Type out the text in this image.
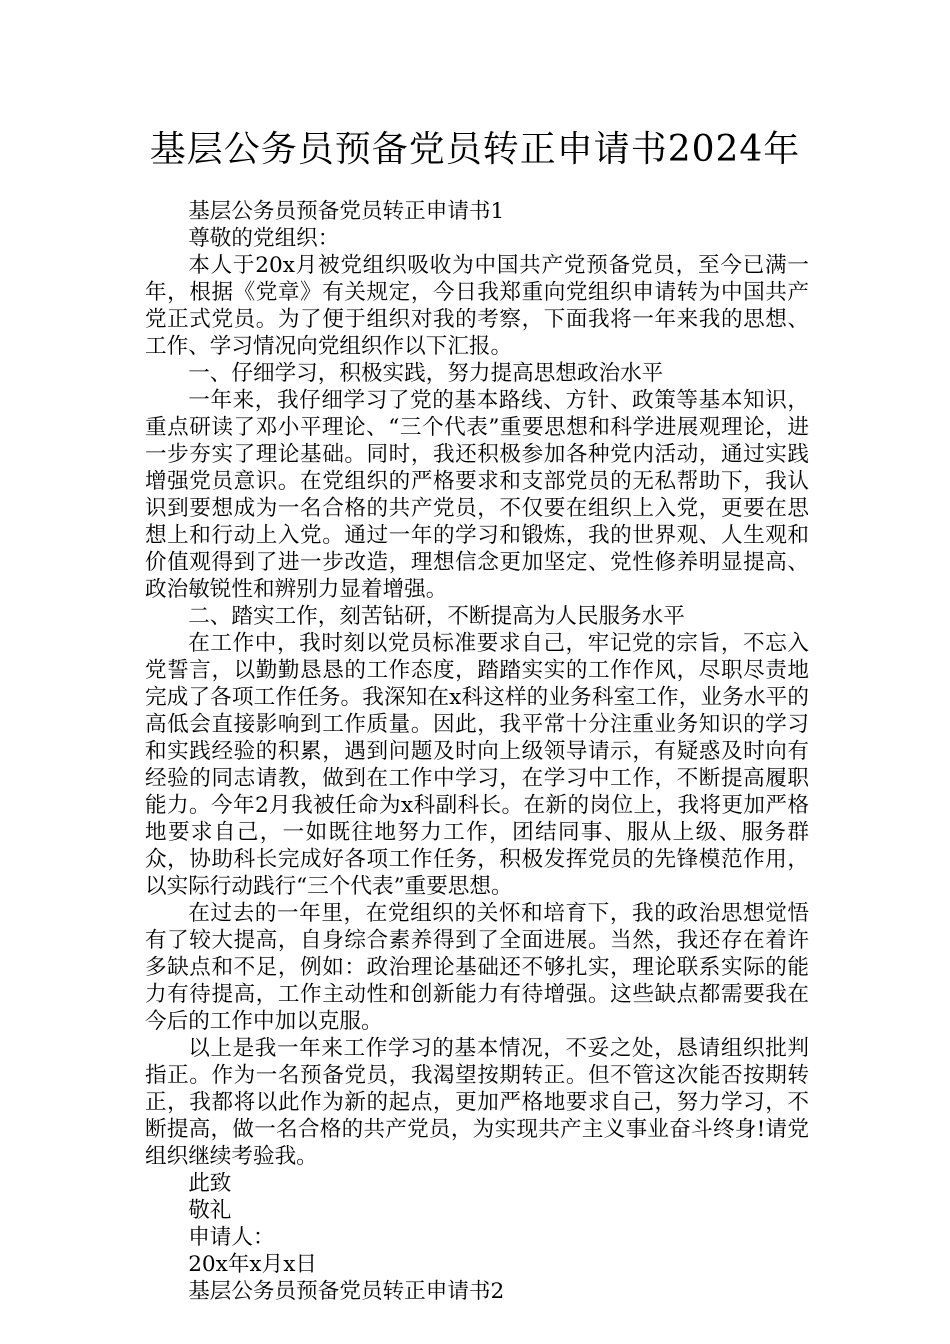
基层公务员预备党员转正申请书2024年

基层公务员预备党员转正申请书1

尊敬的党组织：

本人于20x月被党组织吸收为中国共产党预备党员，至今已满一年，根据《党章》有关规定，今日我郑重向党组织申请转为中国共产党正式党员。为了便于组织对我的考察，下面我将一年来我的思想、工作、学习情况向党组织作以下汇报。

一、仔细学习，积极实践，努力提高思想政治水平

一年来，我仔细学习了党的基本路线、方针、政策等基本知识，重点研读了邓小平理论、“三个代表”重要思想和科学进展观理论，进一步夯实了理论基础。同时，我还积极参加各种党内活动，通过实践增强党员意识。在党组织的严格要求和支部党员的无私帮助下，我认识到要想成为一名合格的共产党员，不仅要在组织上入党，更要在思想上和行动上入党。通过一年的学习和锻炼，我的世界观、人生观和价值观得到了进一步改造，理想信念更加坚定、党性修养明显提高、政治敏锐性和辨别力显着增强。

二、踏实工作，刻苦钻研，不断提高为人民服务水平

在工作中，我时刻以党员标准要求自己，牢记党的宗旨，不忘入党誓言，以勤勤恳恳的工作态度，踏踏实实的工作作风，尽职尽责地完成了各项工作任务。我深知在x科这样的业务科室工作，业务水平的高低会直接影响到工作质量。因此，我平常十分注重业务知识的学习和实践经验的积累，遇到问题及时向上级领导请示，有疑惑及时向有经验的同志请教，做到在工作中学习，在学习中工作，不断提高履职能力。今年2月我被任命为x科副科长。在新的岗位上，我将更加严格地要求自己，一如既往地努力工作，团结同事、服从上级、服务群众，协助科长完成好各项工作任务，积极发挥党员的先锋模范作用，以实际行动践行“三个代表”重要思想。

在过去的一年里，在党组织的关怀和培育下，我的政治思想觉悟有了较大提高，自身综合素养得到了全面进展。当然，我还存在着许多缺点和不足，例如：政治理论基础还不够扎实，理论联系实际的能力有待提高，工作主动性和创新能力有待增强。这些缺点都需要我在今后的工作中加以克服。

以上是我一年来工作学习的基本情况，不妥之处，恳请组织批判指正。作为一名预备党员，我渴望按期转正。但不管这次能否按期转正，我都将以此作为新的起点，更加严格地要求自己，努力学习，不断提高，做一名合格的共产党员，为实现共产主义事业奋斗终身!请党组织继续考验我。

此致

敬礼

申请人：

20x年x月x日

基层公务员预备党员转正申请书2
